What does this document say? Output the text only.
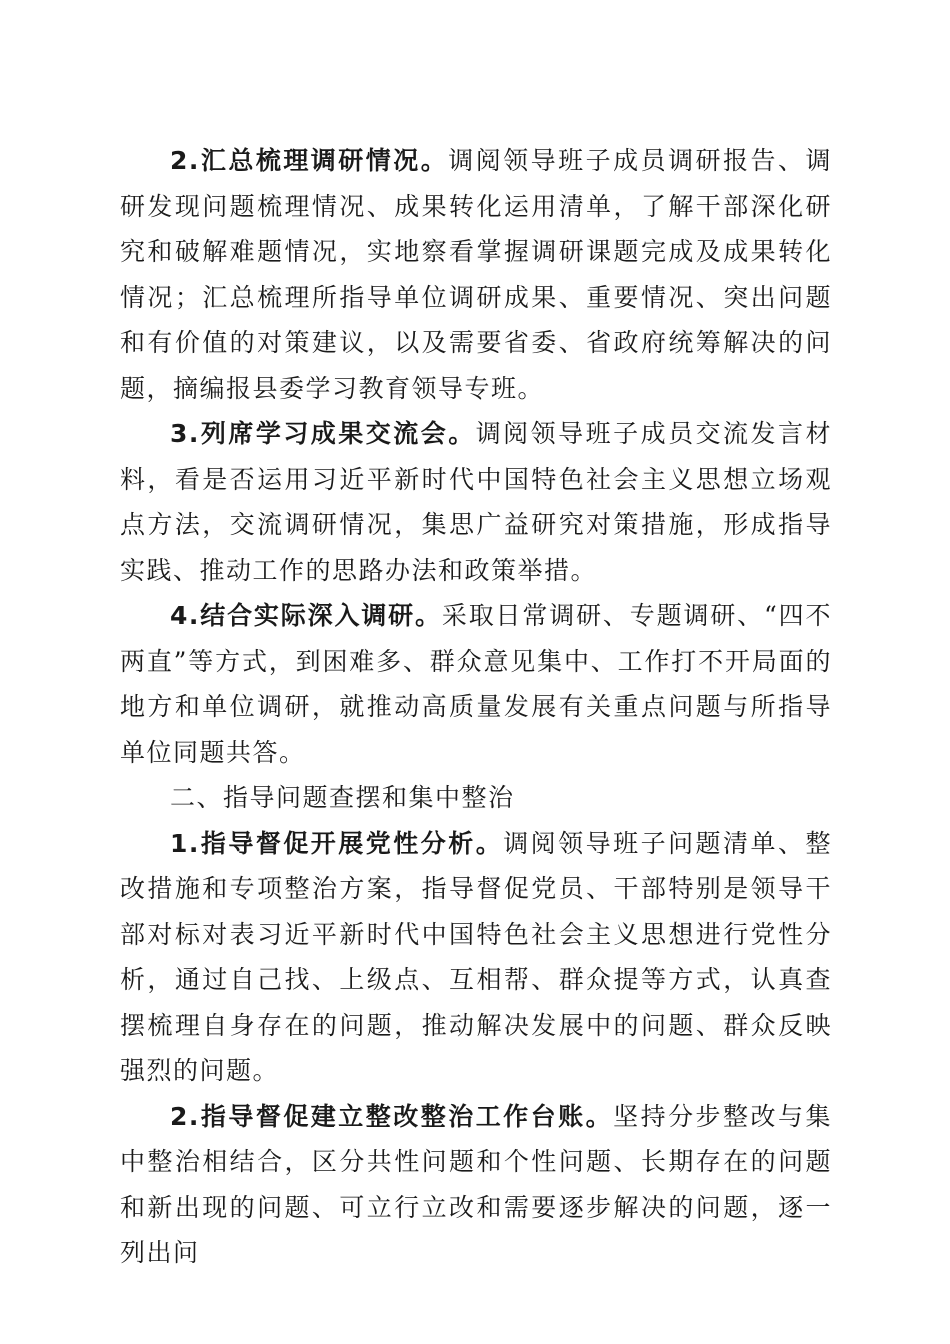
2.汇总梳理调研情况。调阅领导班子成员调研报告、调研发现问题梳理情况、成果转化运用清单，了解干部深化研究和破解难题情况，实地察看掌握调研课题完成及成果转化情况；汇总梳理所指导单位调研成果、重要情况、突出问题和有价值的对策建议，以及需要省委、省政府统筹解决的问题，摘编报县委学习教育领导专班。

3.列席学习成果交流会。调阅领导班子成员交流发言材料，看是否运用习近平新时代中国特色社会主义思想立场观点方法，交流调研情况，集思广益研究对策措施，形成指导实践、推动工作的思路办法和政策举措。

4.结合实际深入调研。采取日常调研、专题调研、“四不两直”等方式，到困难多、群众意见集中、工作打不开局面的地方和单位调研，就推动高质量发展有关重点问题与所指导单位同题共答。

二、指导问题查摆和集中整治

1.指导督促开展党性分析。调阅领导班子问题清单、整改措施和专项整治方案，指导督促党员、干部特别是领导干部对标对表习近平新时代中国特色社会主义思想进行党性分析，通过自己找、上级点、互相帮、群众提等方式，认真查摆梳理自身存在的问题，推动解决发展中的问题、群众反映强烈的问题。

2.指导督促建立整改整治工作台账。坚持分步整改与集中整治相结合，区分共性问题和个性问题、长期存在的问题和新出现的问题、可立行立改和需要逐步解决的问题，逐一列出问
